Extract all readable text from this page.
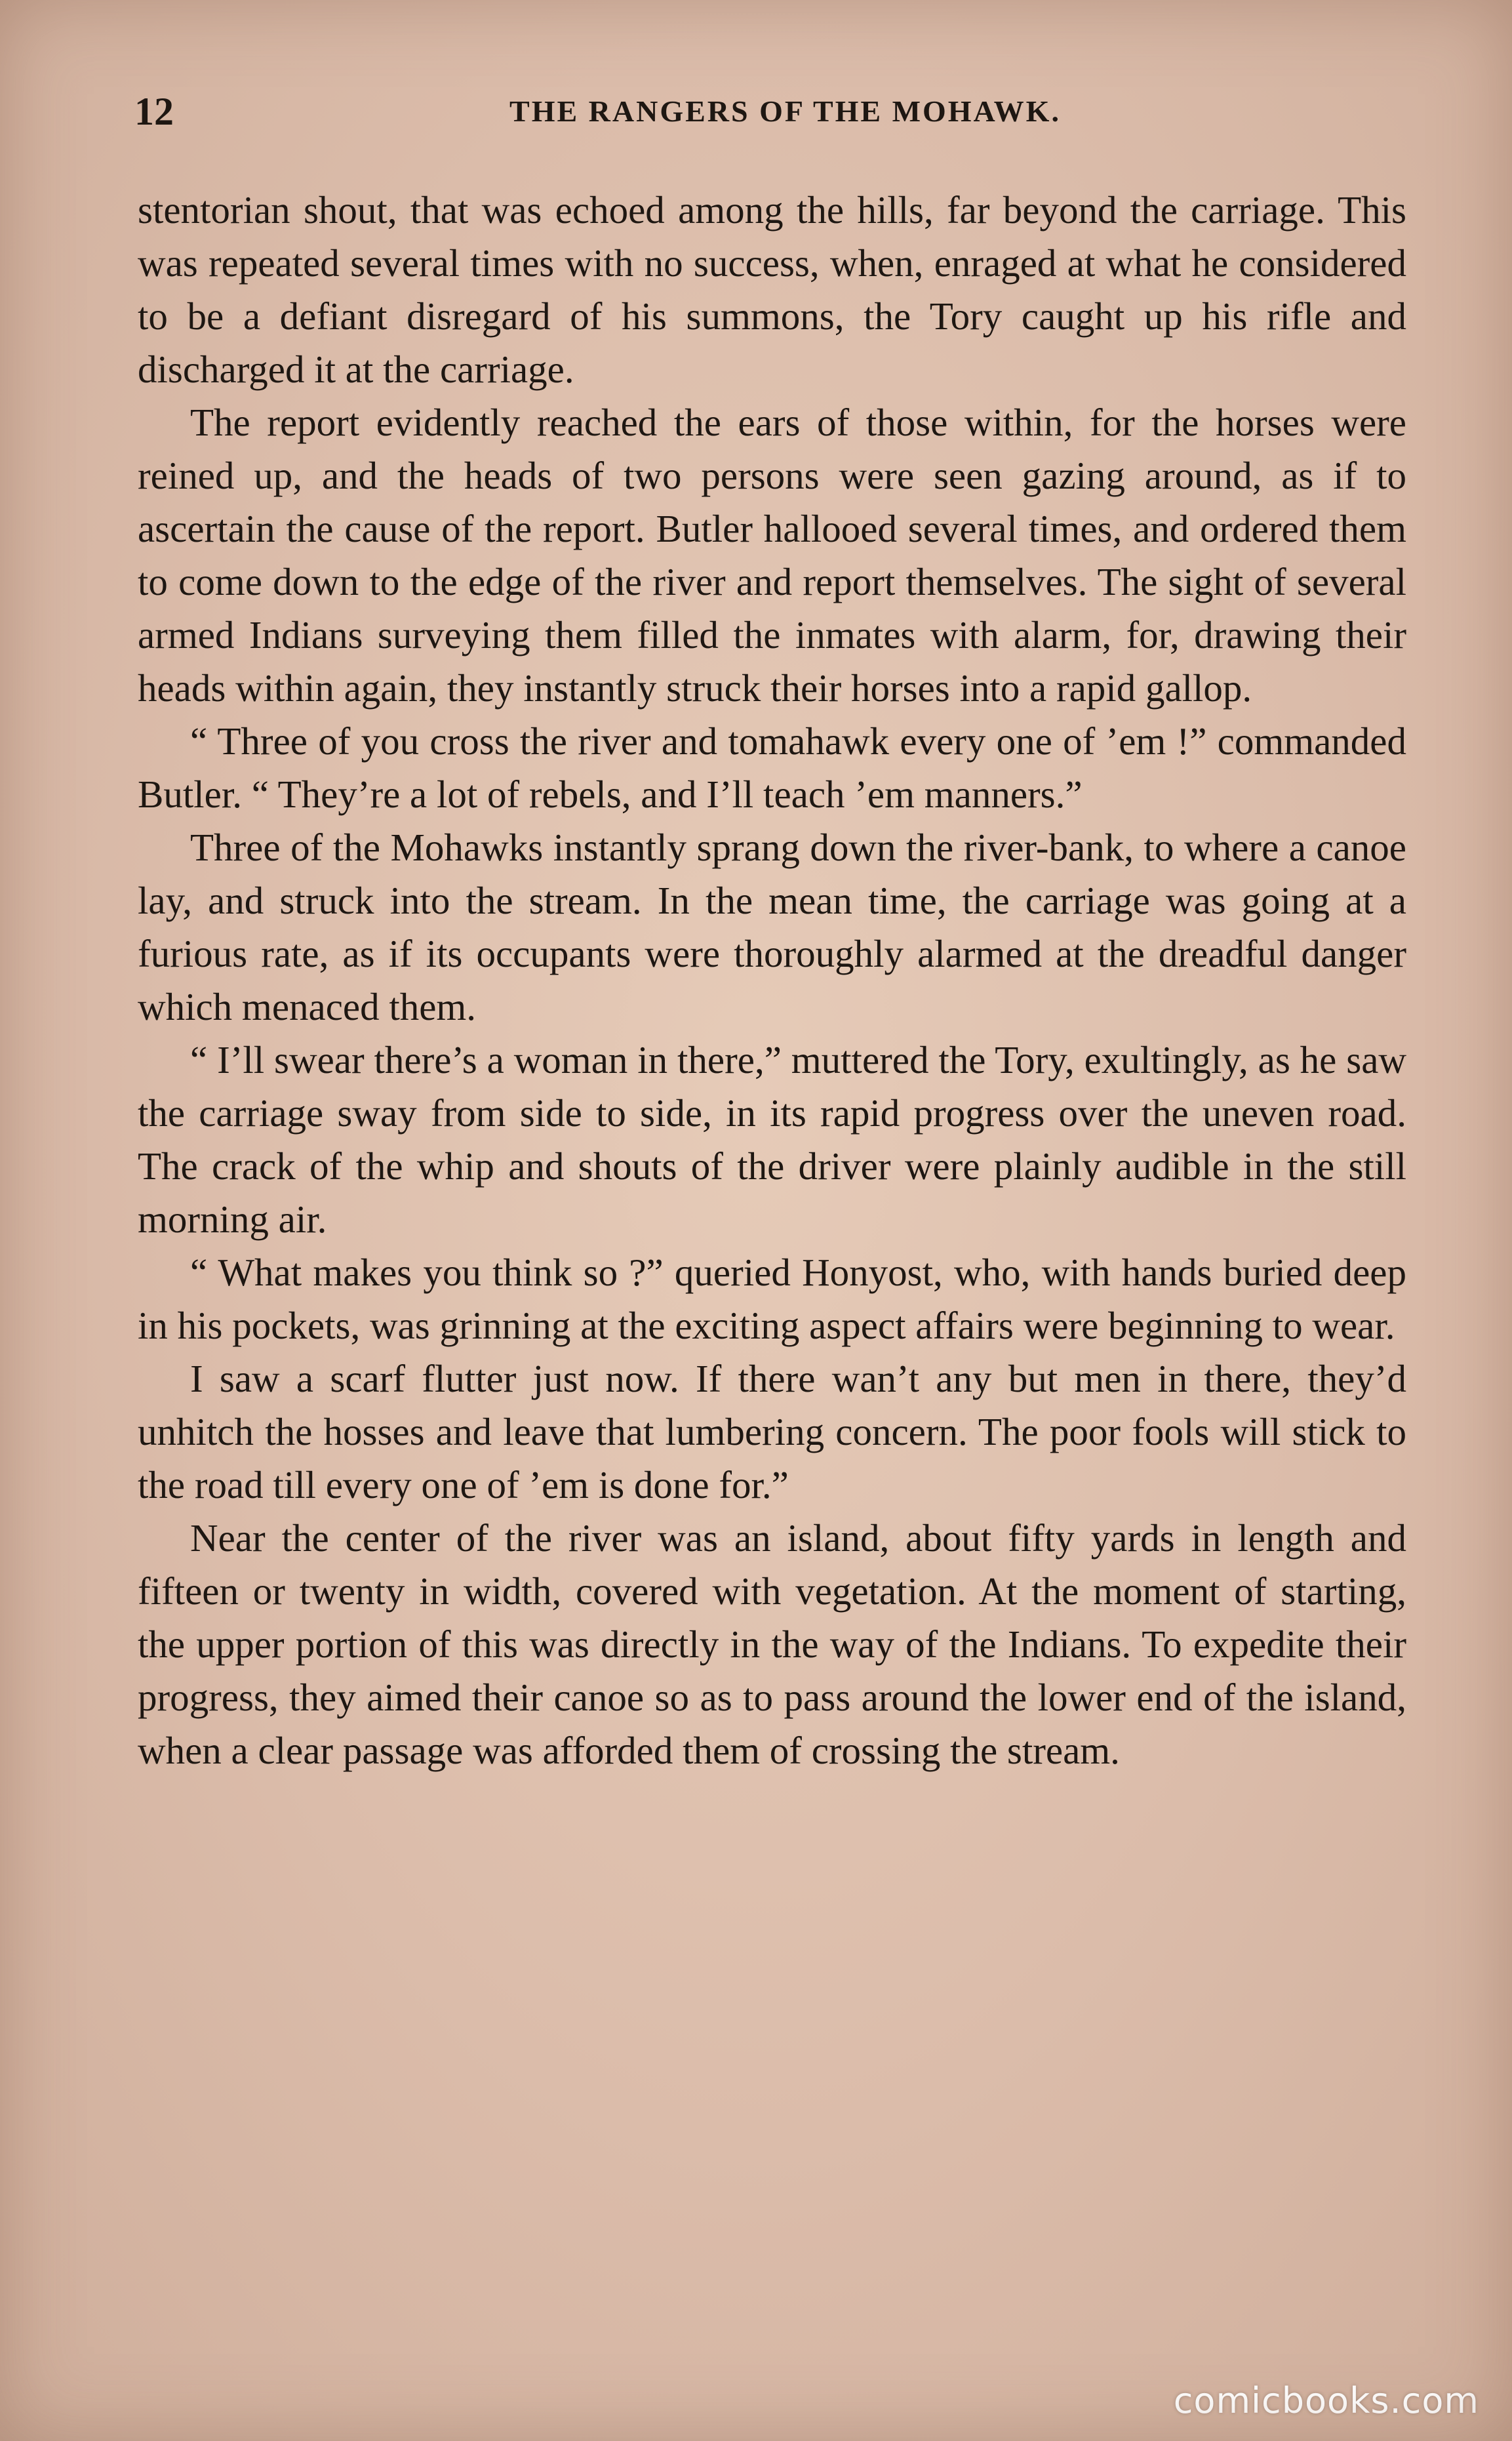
12	THE RANGERS OF THE MOHAWK.

stentorian shout, that was echoed among the hills, far beyond the carriage. This was repeated several times with no success, when, enraged at what he considered to be a defiant disregard of his summons, the Tory caught up his rifle and discharged it at the carriage.

The report evidently reached the ears of those within, for the horses were reined up, and the heads of two persons were seen gazing around, as if to ascertain the cause of the report. Butler hallooed several times, and ordered them to come down to the edge of the river and report themselves. The sight of several armed Indians surveying them filled the inmates with alarm, for, drawing their heads within again, they instantly struck their horses into a rapid gallop.

“ Three of you cross the river and tomahawk every one of ’em !” commanded Butler. “ They’re a lot of rebels, and I’ll teach ’em manners.”

Three of the Mohawks instantly sprang down the river-bank, to where a canoe lay, and struck into the stream. In the mean time, the carriage was going at a furious rate, as if its occupants were thoroughly alarmed at the dreadful danger which menaced them.

“ I’ll swear there’s a woman in there,” muttered the Tory, exultingly, as he saw the carriage sway from side to side, in its rapid progress over the uneven road. The crack of the whip and shouts of the driver were plainly audible in the still morning air.

“ What makes you think so ?” queried Honyost, who, with hands buried deep in his pockets, was grinning at the exciting aspect affairs were beginning to wear.

I saw a scarf flutter just now. If there wan’t any but men in there, they’d unhitch the hosses and leave that lumbering concern. The poor fools will stick to the road till every one of ’em is done for.”

Near the center of the river was an island, about fifty yards in length and fifteen or twenty in width, covered with vegetation. At the moment of starting, the upper portion of this was directly in the way of the Indians. To expedite their progress, they aimed their canoe so as to pass around the lower end of the island, when a clear passage was afforded them of crossing the stream.

comicbooks.com
